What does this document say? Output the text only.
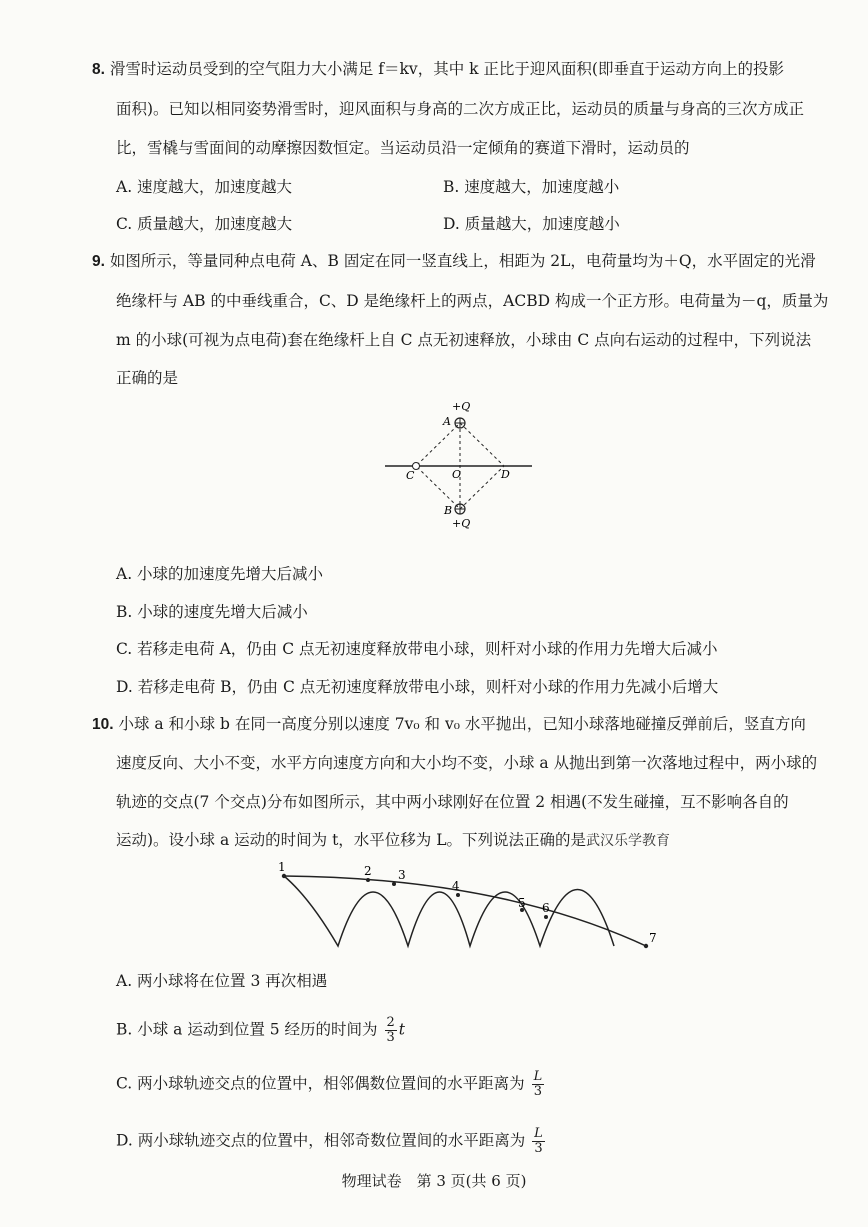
8. 滑雪时运动员受到的空气阻力大小满足 f＝kv，其中 k 正比于迎风面积(即垂直于运动方向上的投影
面积)。已知以相同姿势滑雪时，迎风面积与身高的二次方成正比，运动员的质量与身高的三次方成正
比，雪橇与雪面间的动摩擦因数恒定。当运动员沿一定倾角的赛道下滑时，运动员的
A. 速度越大，加速度越大	B. 速度越大，加速度越小
C. 质量越大，加速度越大	D. 质量越大，加速度越小
9. 如图所示，等量同种点电荷 A、B 固定在同一竖直线上，相距为 2L，电荷量均为＋Q，水平固定的光滑
绝缘杆与 AB 的中垂线重合，C、D 是绝缘杆上的两点，ACBD 构成一个正方形。电荷量为－q，质量为
m 的小球(可视为点电荷)套在绝缘杆上自 C 点无初速释放，小球由 C 点向右运动的过程中，下列说法
正确的是
+Q
A
C	O	D
B
+Q
A. 小球的加速度先增大后减小
B. 小球的速度先增大后减小
C. 若移走电荷 A，仍由 C 点无初速度释放带电小球，则杆对小球的作用力先增大后减小
D. 若移走电荷 B，仍由 C 点无初速度释放带电小球，则杆对小球的作用力先减小后增大
10. 小球 a 和小球 b 在同一高度分别以速度 7v₀ 和 v₀ 水平抛出，已知小球落地碰撞反弹前后，竖直方向
速度反向、大小不变，水平方向速度方向和大小均不变，小球 a 从抛出到第一次落地过程中，两小球的
轨迹的交点(7 个交点)分布如图所示，其中两小球刚好在位置 2 相遇(不发生碰撞，互不影响各自的
运动)。设小球 a 运动的时间为 t，水平位移为 L。下列说法正确的是武汉乐学教育
1	2 3
4
5 6
7
A. 两小球将在位置 3 再次相遇
B. 小球 a 运动到位置 5 经历的时间为 $\frac{2}{3}$ t
C. 两小球轨迹交点的位置中，相邻偶数位置间的水平距离为 $\frac{L}{3}$
D. 两小球轨迹交点的位置中，相邻奇数位置间的水平距离为 $\frac{L}{3}$
物理试卷　第 3 页(共 6 页)
